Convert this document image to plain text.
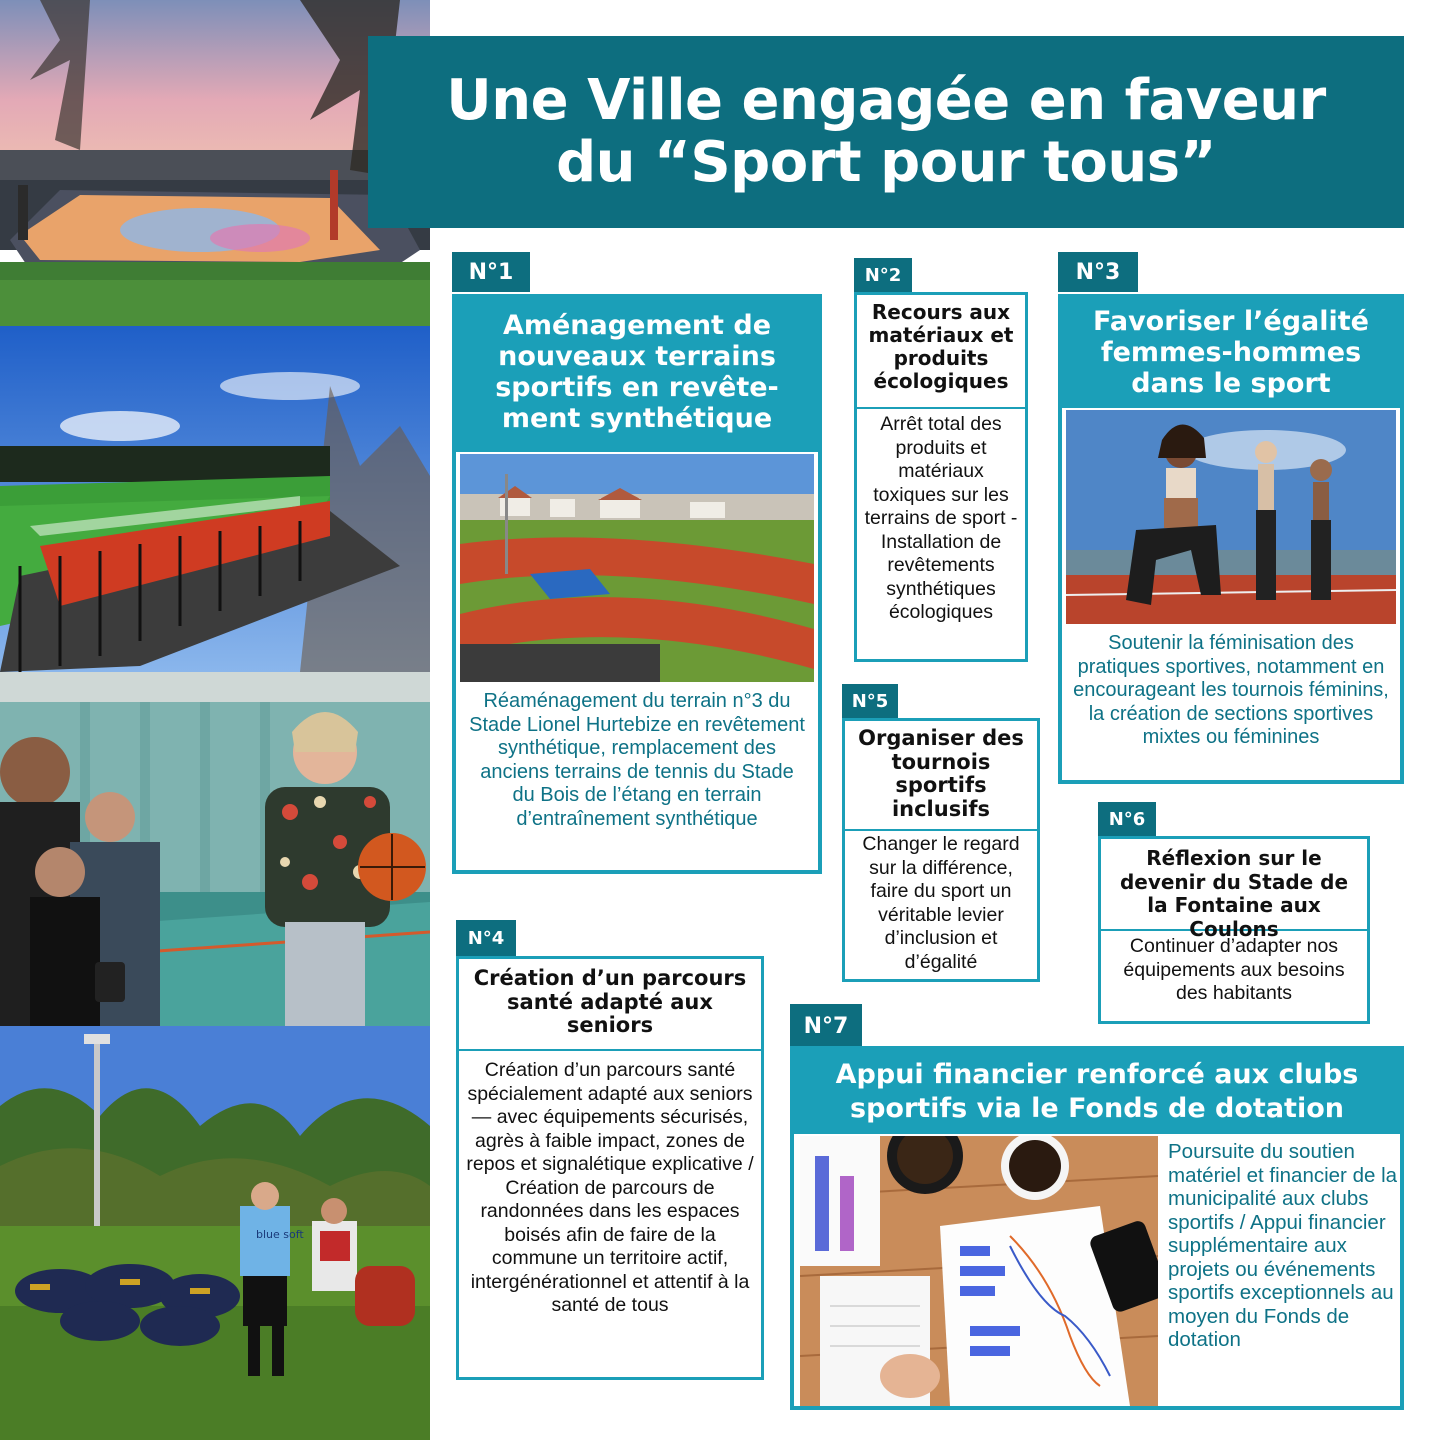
blue soft
Une Ville engagée en faveur
du “Sport pour tous”
N°1
Aménagement de nouveaux terrains sportifs en revête- ment synthétique
Réaménagement du terrain n°3 du Stade Lionel Hurtebize en revêtement synthétique, remplacement des anciens terrains de tennis du Stade du Bois de l’étang en terrain d’entraînement synthétique
N°2
Recours aux matériaux et produits écologiques
Arrêt total des produits et matériaux toxiques sur les terrains de sport - Installation de revêtements synthétiques écologiques
N°3
Favoriser l’égalité femmes-hommes dans le sport
Soutenir la féminisation des pratiques sportives, notamment en encourageant les tournois féminins, la création de sections sportives mixtes ou féminines
N°5
Organiser des tournois sportifs inclusifs
Changer le regard sur la différence, faire du sport un véritable levier d’inclusion et d’égalité
N°6
Réflexion sur le devenir du Stade de la Fontaine aux Coulons
Continuer d’adapter nos équipements aux besoins des habitants
N°4
Création d’un parcours santé adapté aux seniors
Création d’un parcours santé spécialement adapté aux seniors — avec équipements sécurisés, agrès à faible impact, zones de repos et signalétique explicative / Création de parcours de randonnées dans les espaces boisés afin de faire de la commune un territoire actif, intergénérationnel et attentif à la santé de tous
N°7
Appui financier renforcé aux clubs sportifs via le Fonds de dotation
Poursuite du soutien matériel et financier de la municipalité aux clubs sportifs / Appui financier supplémentaire aux projets ou événements sportifs exceptionnels au moyen du Fonds de dotation
